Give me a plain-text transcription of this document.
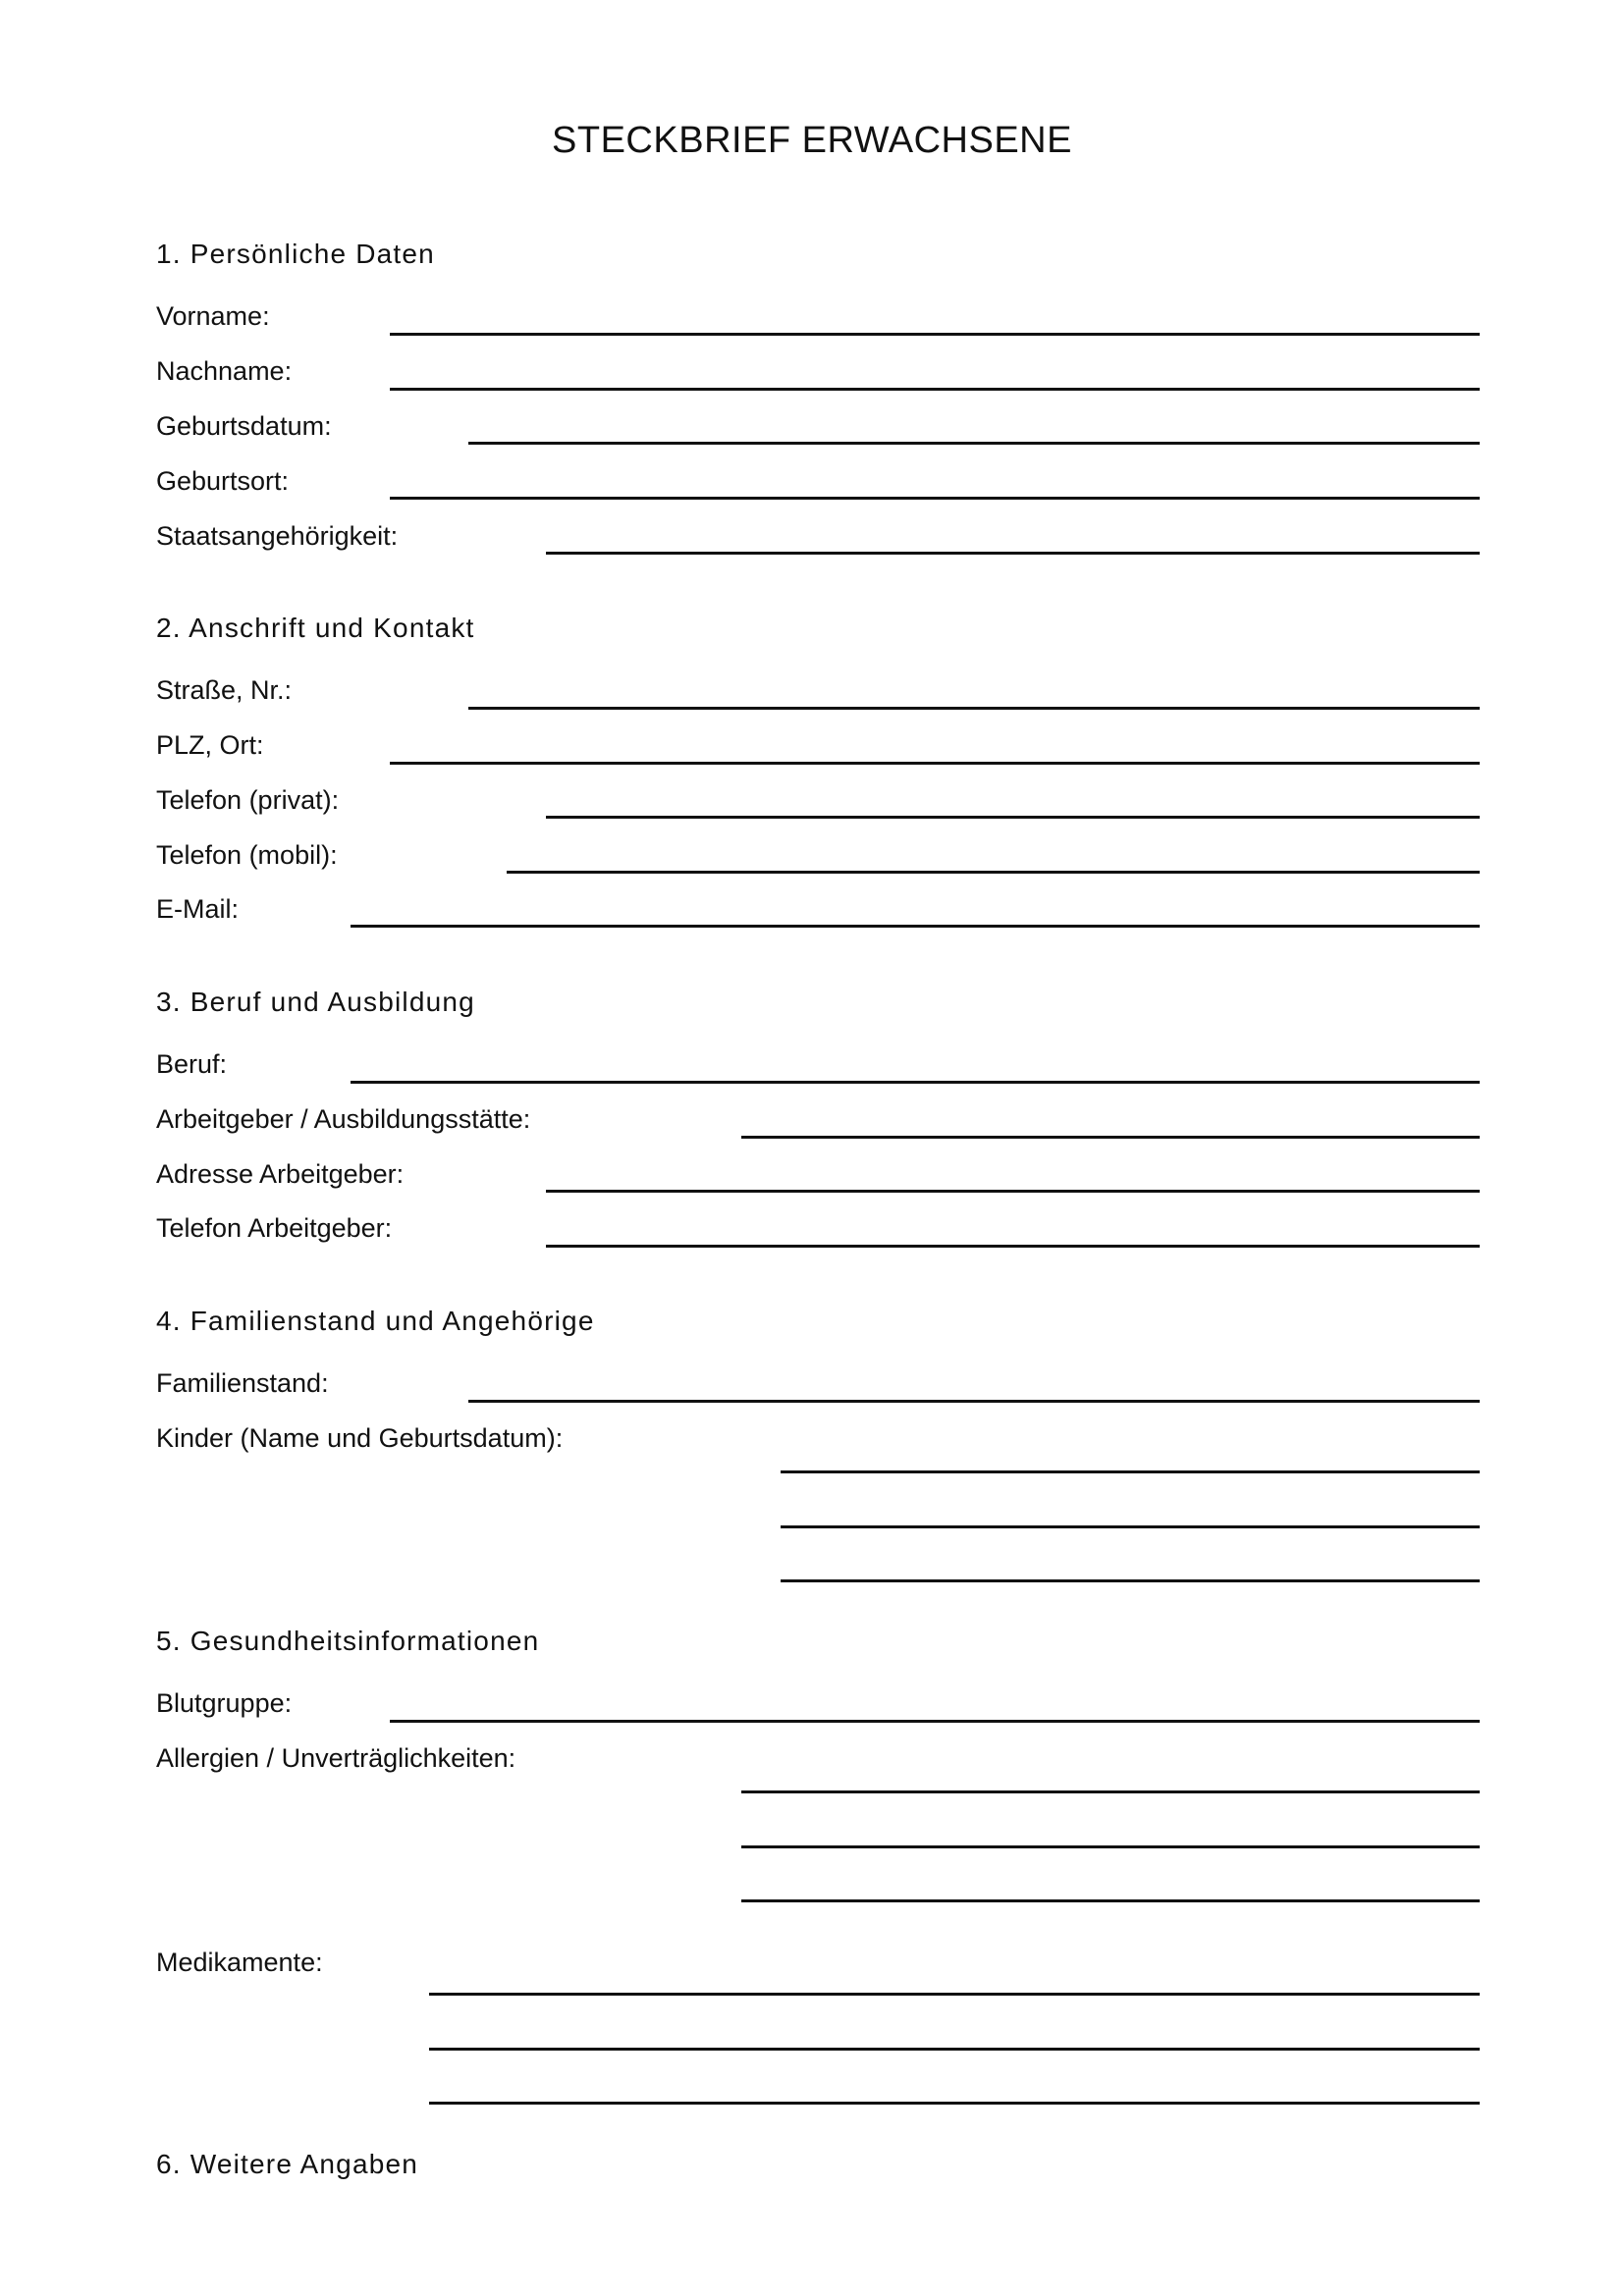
STECKBRIEF ERWACHSENE
1. Persönliche Daten
Vorname:
Nachname:
Geburtsdatum:
Geburtsort:
Staatsangehörigkeit:
2. Anschrift und Kontakt
Straße, Nr.:
PLZ, Ort:
Telefon (privat):
Telefon (mobil):
E-Mail:
3. Beruf und Ausbildung
Beruf:
Arbeitgeber / Ausbildungsstätte:
Adresse Arbeitgeber:
Telefon Arbeitgeber:
4. Familienstand und Angehörige
Familienstand:
Kinder (Name und Geburtsdatum):
5. Gesundheitsinformationen
Blutgruppe:
Allergien / Unverträglichkeiten:
Medikamente:
6. Weitere Angaben
